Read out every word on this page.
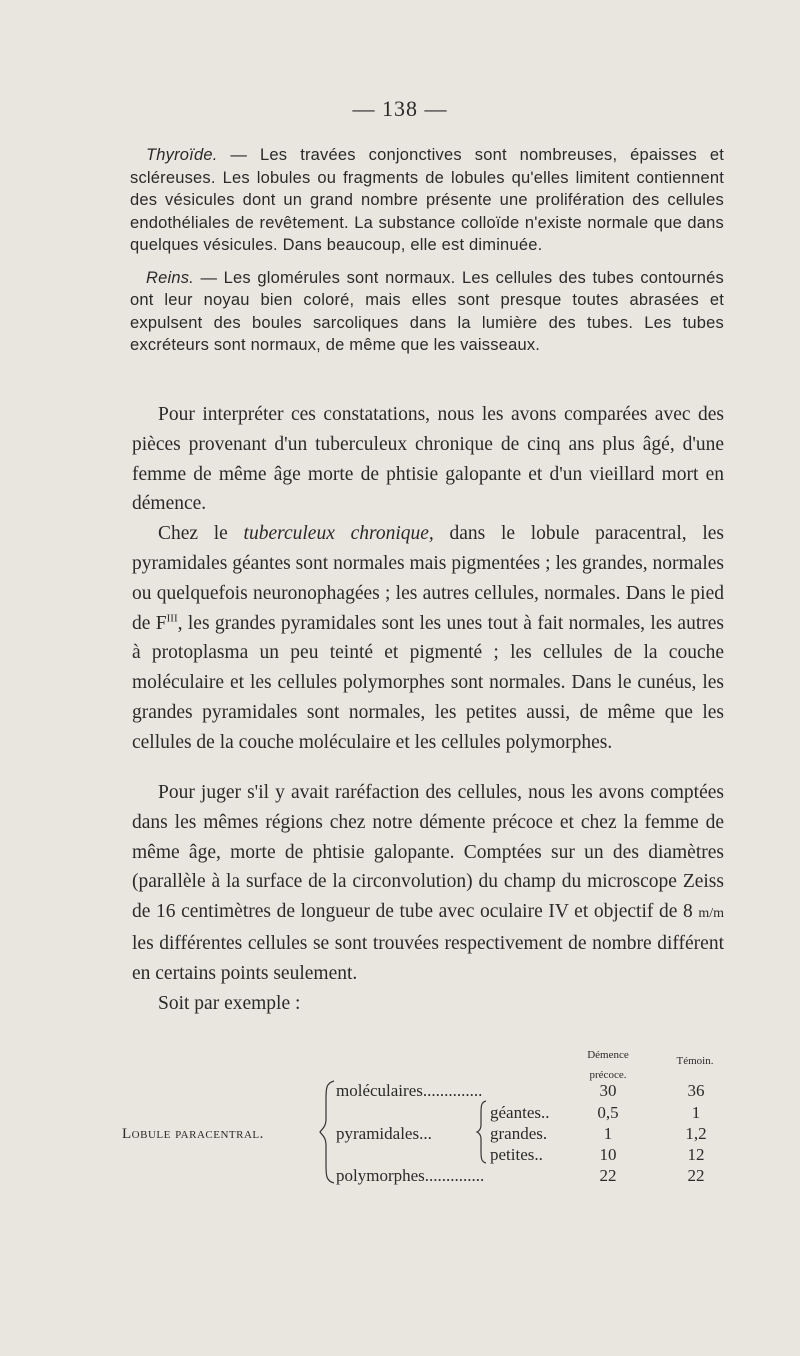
— 138 —

Thyroïde. — Les travées conjonctives sont nombreuses, épaisses et scléreuses. Les lobules ou fragments de lobules qu'elles limitent contiennent des vésicules dont un grand nombre présente une prolifération des cellules endothéliales de revêtement. La substance colloïde n'existe normale que dans quelques vésicules. Dans beaucoup, elle est diminuée.

Reins. — Les glomérules sont normaux. Les cellules des tubes contournés ont leur noyau bien coloré, mais elles sont presque toutes abrasées et expulsent des boules sarcoliques dans la lumière des tubes. Les tubes excréteurs sont normaux, de même que les vaisseaux.

Pour interpréter ces constatations, nous les avons comparées avec des pièces provenant d'un tuberculeux chronique de cinq ans plus âgé, d'une femme de même âge morte de phtisie galopante et d'un vieillard mort en démence.

Chez le tuberculeux chronique, dans le lobule paracentral, les pyramidales géantes sont normales mais pigmentées ; les grandes, normales ou quelquefois neuronophagées ; les autres cellules, normales. Dans le pied de $F^{III}$, les grandes pyramidales sont les unes tout à fait normales, les autres à protoplasma un peu teinté et pigmenté ; les cellules de la couche moléculaire et les cellules polymorphes sont normales. Dans le cunéus, les grandes pyramidales sont normales, les petites aussi, de même que les cellules de la couche moléculaire et les cellules polymorphes.

Pour juger s'il y avait raréfaction des cellules, nous les avons comptées dans les mêmes régions chez notre démente précoce et chez la femme de même âge, morte de phtisie galopante. Comptées sur un des diamètres (parallèle à la surface de la circonvolution) du champ du microscope Zeiss de 16 centimètres de longueur de tube avec oculaire IV et objectif de 8 m/m les différentes cellules se sont trouvées respectivement de nombre différent en certains points seulement.

Soit par exemple :

Démence précoce.
Témoin.
Lobule paracentral.
moléculaires..............
pyramidales...
géantes..
grandes.
petites..
polymorphes..............
30
0,5
1
10
22
36
1
1,2
12
22
